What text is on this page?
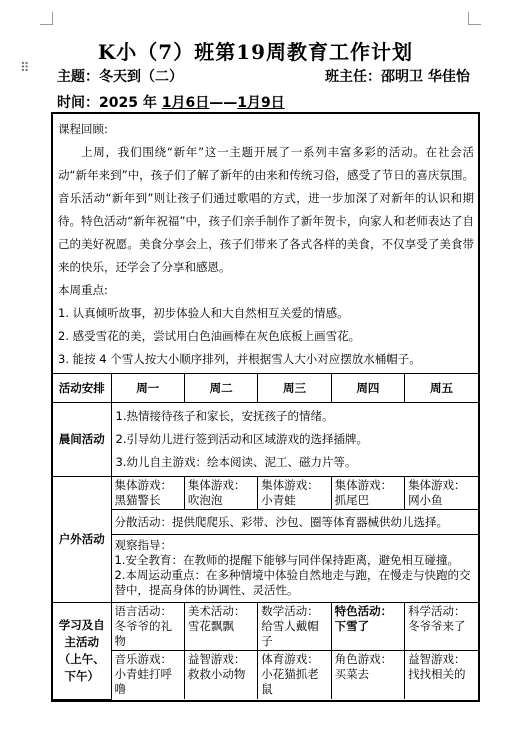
K小（7）班第19周教育工作计划
⠿
主题：冬天到（二）	班主任：邵明卫 华佳怡
时间：2025 年 1月6日——1月9日

课程回顾:

上周，我们围绕“新年”这一主题开展了一系列丰富多彩的活动。在社会活动“新年来到”中，孩子们了解了新年的由来和传统习俗，感受了节日的喜庆氛围。音乐活动“新年到”则让孩子们通过歌唱的方式，进一步加深了对新年的认识和期待。特色活动“新年祝福”中，孩子们亲手制作了新年贺卡，向家人和老师表达了自己的美好祝愿。美食分享会上，孩子们带来了各式各样的美食，不仅享受了美食带来的快乐，还学会了分享和感恩。

本周重点:

1. 认真倾听故事，初步体验人和大自然相互关爱的情感。

2. 感受雪花的美，尝试用白色油画棒在灰色底板上画雪花。

3. 能按 4 个雪人按大小顺序排列，并根据雪人大小对应摆放水桶帽子。

活动安排	周一	周二	周三	周四	周五
晨间活动	1.热情接待孩子和家长，安抚孩子的情绪。

2.引导幼儿进行签到活动和区域游戏的选择插牌。

3.幼儿自主游戏：绘本阅读、泥工、磁力片等。				

户外活动	集体游戏：黑猫警长	集体游戏：吹泡泡	集体游戏：小青蛙	集体游戏：抓尾巴	集体游戏：网小鱼
	分散活动：提供爬爬乐、彩带、沙包、圈等体育器械供幼儿选择。				

	观察指导：

1.安全教育：在教师的提醒下能够与同伴保持距离，避免相互碰撞。

2.本周运动重点：在多种情境中体验自然地走与跑，在慢走与快跑的交替中，提高身体的协调性、灵活性。				

学习及自
主活动
（上午、
下午）	语言活动：冬爷爷的礼物	美术活动：雪花飘飘	数学活动：给雪人戴帽子	特色活动：下雪了	科学活动：冬爷爷来了
	音乐游戏：小青蛙打呼噜	益智游戏：救救小动物	体育游戏：小花猫抓老鼠	角色游戏：买菜去	益智游戏：找找相关的
